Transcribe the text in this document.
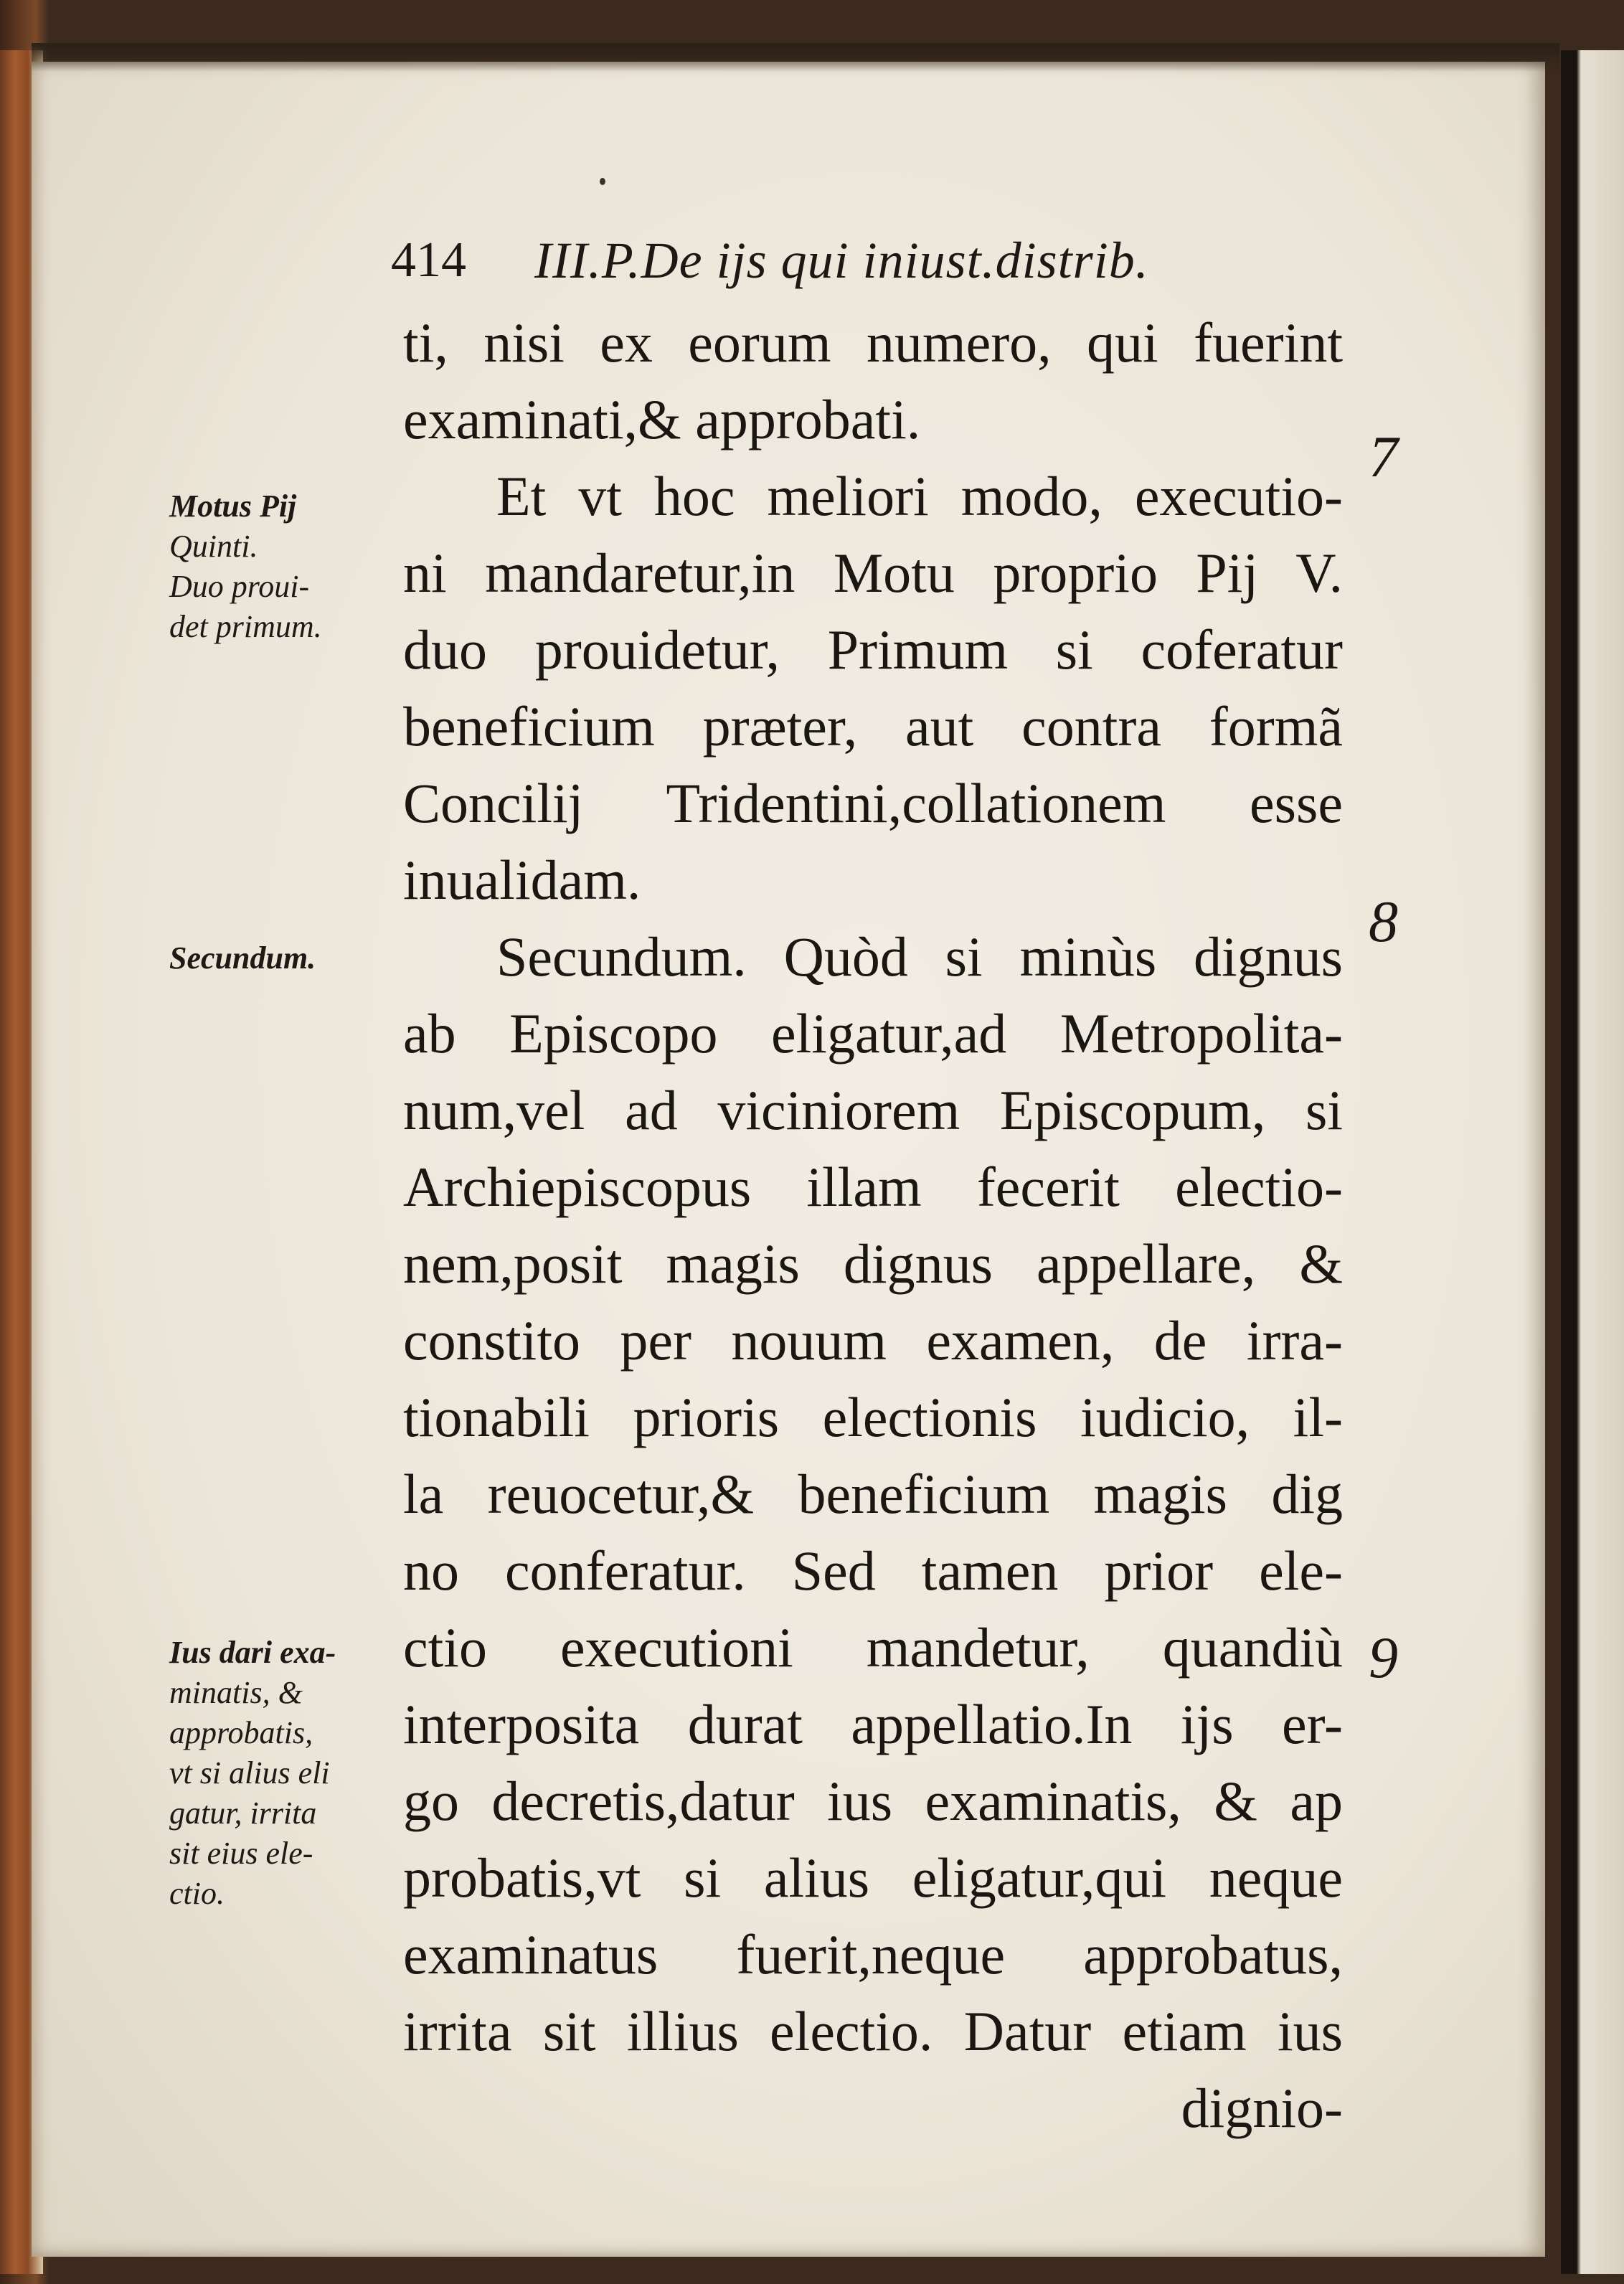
414 III.P.De ijs qui iniust.distrib.
ti, nisi ex eorum numero, qui fuerint
examinati,& approbati.
Et vt hoc meliori modo, executio-
ni mandaretur,in Motu proprio Pij V.
duo prouidetur, Primum si coferatur
beneficium præter, aut contra formã
Concilij Tridentini,collationem esse
inualidam.
Secundum. Quòd si minùs dignus
ab Episcopo eligatur,ad Metropolita-
num,vel ad viciniorem Episcopum, si
Archiepiscopus illam fecerit electio-
nem,posit magis dignus appellare, &
constito per nouum examen, de irra-
tionabili prioris electionis iudicio, il-
la reuocetur,& beneficium magis dig
no conferatur. Sed tamen prior ele-
ctio executioni mandetur, quandiù
interposita durat appellatio.In ijs er-
go decretis,datur ius examinatis, & ap
probatis,vt si alius eligatur,qui neque
examinatus fuerit,neque approbatus,
irrita sit illius electio. Datur etiam ius
dignio-
Motus Pij
Quinti.
Duo proui-
det primum.
Secundum.
Ius dari exa-
minatis, &
approbatis,
vt si alius eli
gatur, irrita
sit eius ele-
ctio.
7
8
9
